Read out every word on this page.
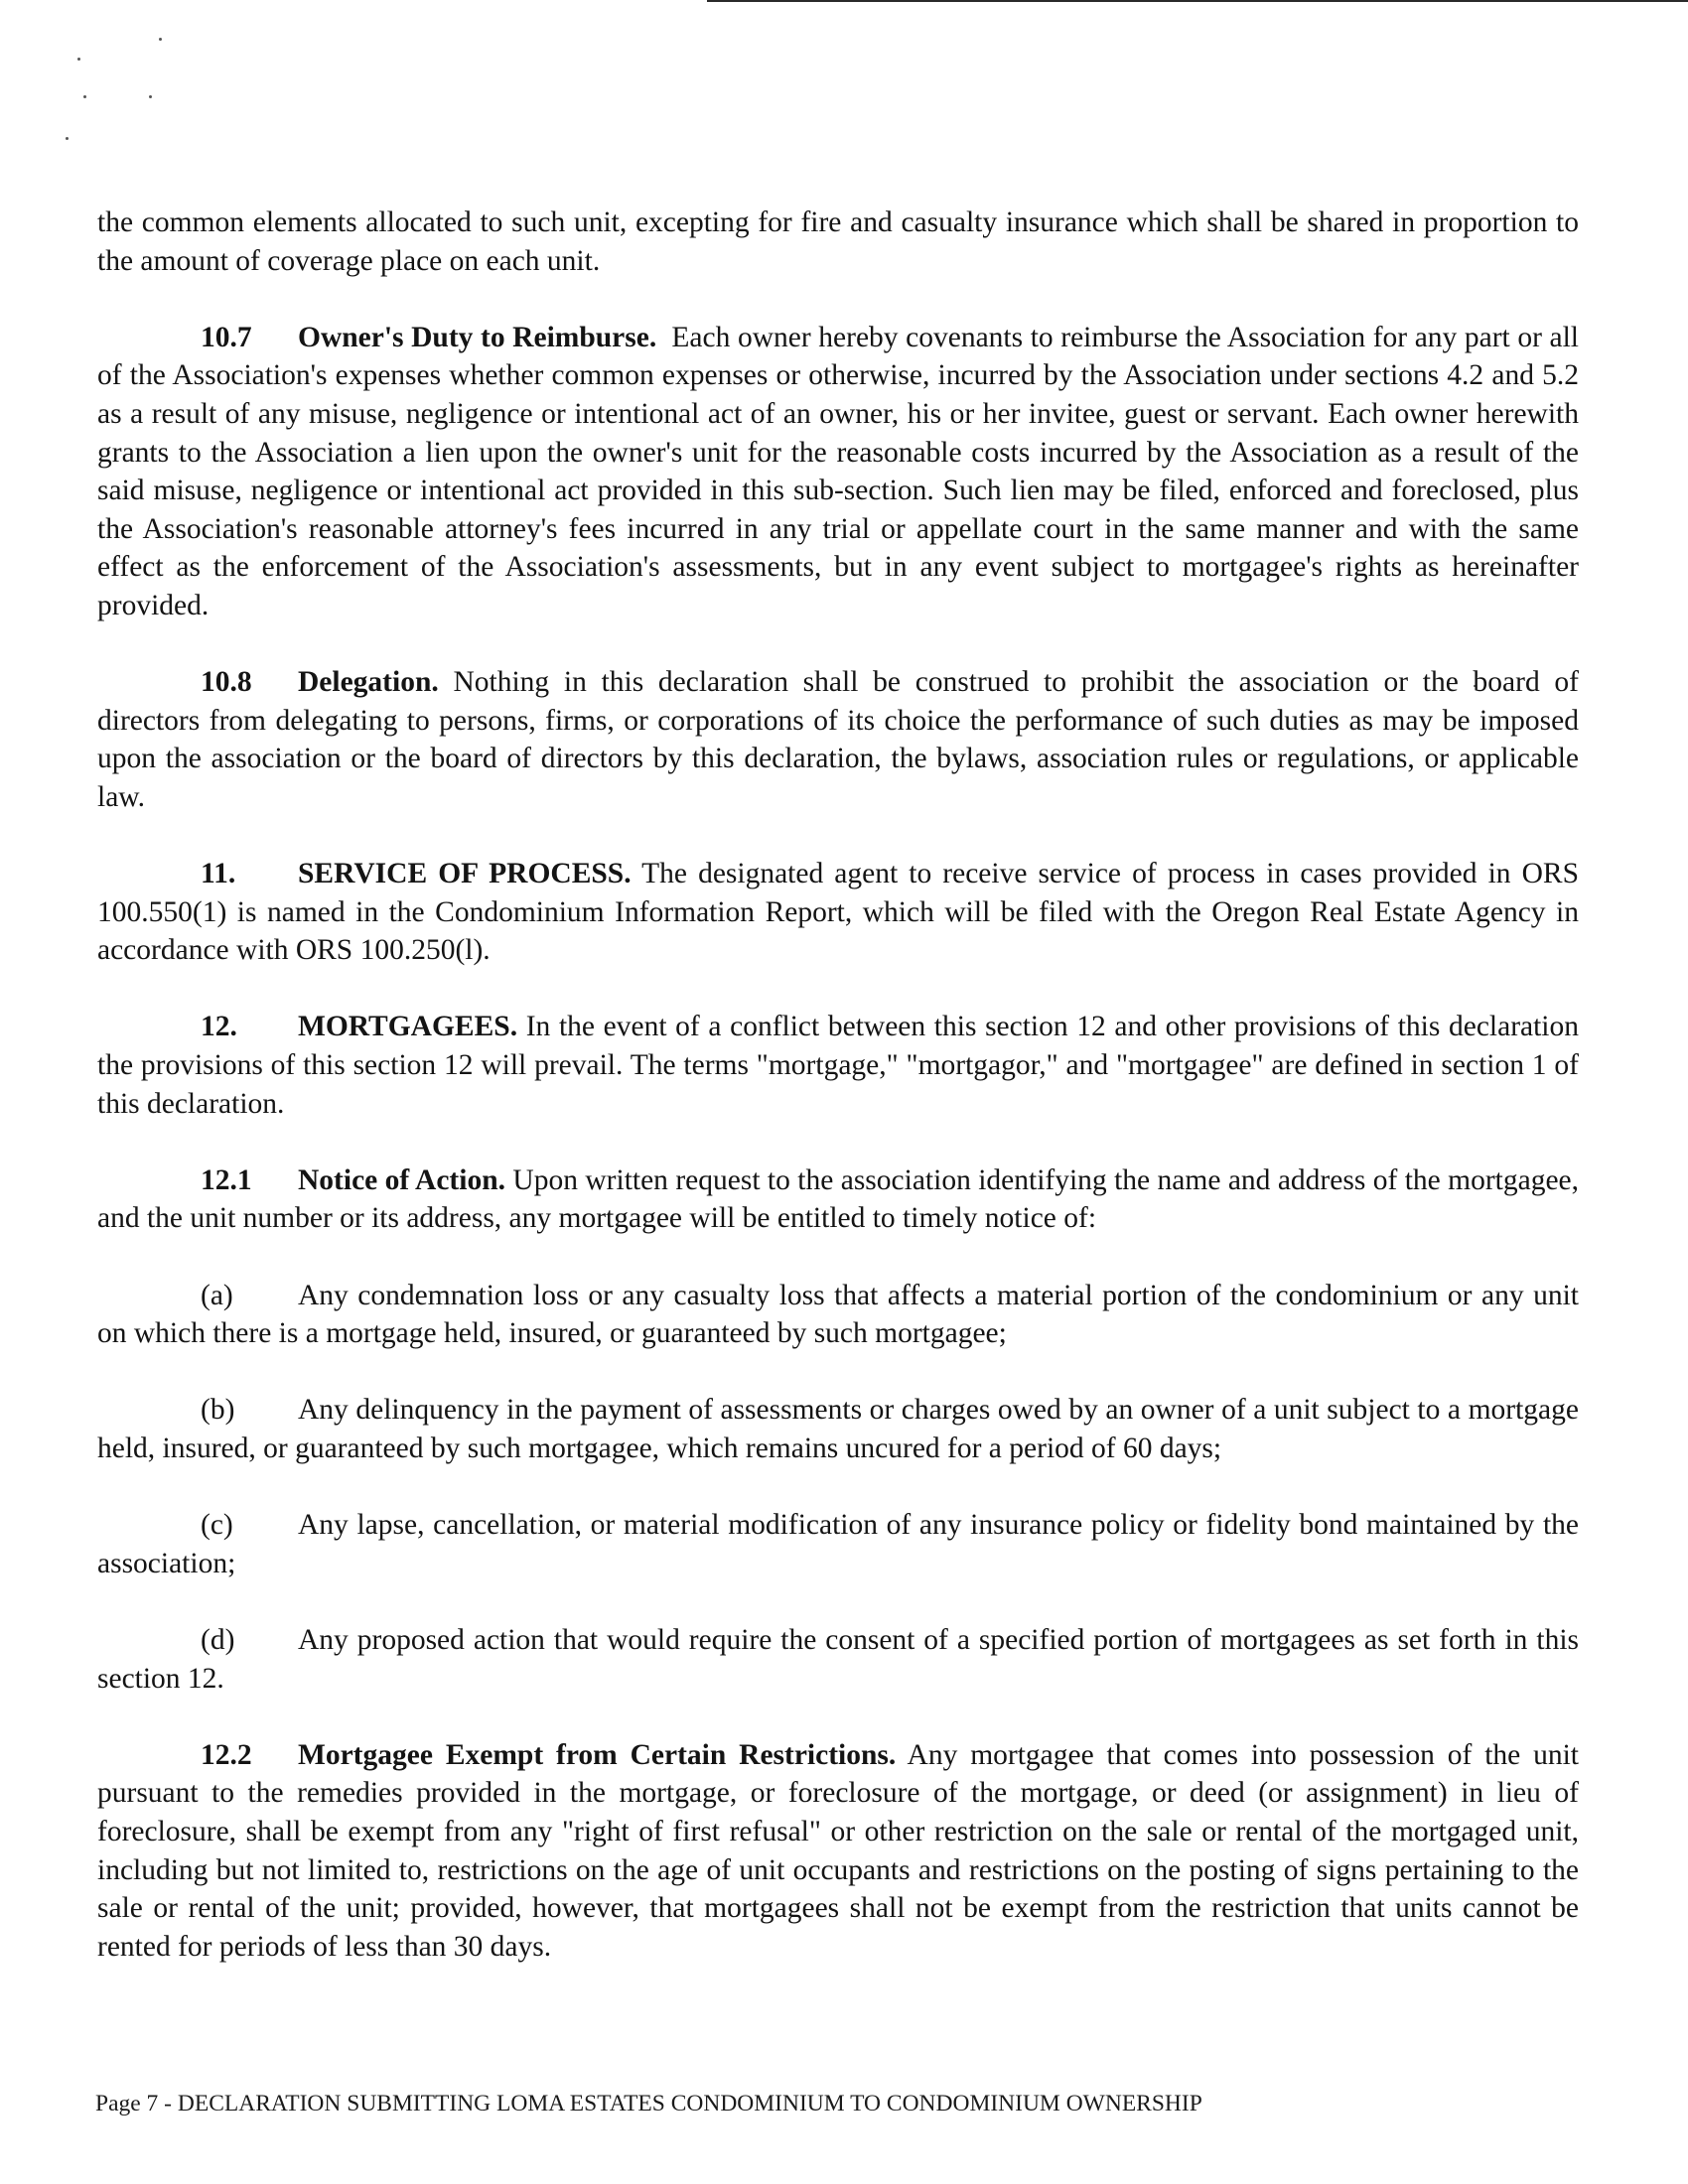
the common elements allocated to such unit, excepting for fire and casualty insurance which shall be shared in proportion to the amount of coverage place on each unit.

10.7 Owner's Duty to Reimburse. Each owner hereby covenants to reimburse the Association for any part or all of the Association's expenses whether common expenses or otherwise, incurred by the Association under sections 4.2 and 5.2 as a result of any misuse, negligence or intentional act of an owner, his or her invitee, guest or servant. Each owner herewith grants to the Association a lien upon the owner's unit for the reasonable costs incurred by the Association as a result of the said misuse, negligence or intentional act provided in this sub-section. Such lien may be filed, enforced and foreclosed, plus the Association's reasonable attorney's fees incurred in any trial or appellate court in the same manner and with the same effect as the enforcement of the Association's assessments, but in any event subject to mortgagee's rights as hereinafter provided.

10.8 Delegation. Nothing in this declaration shall be construed to prohibit the association or the board of directors from delegating to persons, firms, or corporations of its choice the performance of such duties as may be imposed upon the association or the board of directors by this declaration, the bylaws, association rules or regulations, or applicable law.

11. SERVICE OF PROCESS. The designated agent to receive service of process in cases provided in ORS 100.550(1) is named in the Condominium Information Report, which will be filed with the Oregon Real Estate Agency in accordance with ORS 100.250(l).

12. MORTGAGEES. In the event of a conflict between this section 12 and other provisions of this declaration the provisions of this section 12 will prevail. The terms "mortgage," "mortgagor," and "mortgagee" are defined in section 1 of this declaration.

12.1 Notice of Action. Upon written request to the association identifying the name and address of the mortgagee, and the unit number or its address, any mortgagee will be entitled to timely notice of:

(a) Any condemnation loss or any casualty loss that affects a material portion of the condominium or any unit on which there is a mortgage held, insured, or guaranteed by such mortgagee;

(b) Any delinquency in the payment of assessments or charges owed by an owner of a unit subject to a mortgage held, insured, or guaranteed by such mortgagee, which remains uncured for a period of 60 days;

(c) Any lapse, cancellation, or material modification of any insurance policy or fidelity bond maintained by the association;

(d) Any proposed action that would require the consent of a specified portion of mortgagees as set forth in this section 12.

12.2 Mortgagee Exempt from Certain Restrictions. Any mortgagee that comes into possession of the unit pursuant to the remedies provided in the mortgage, or foreclosure of the mortgage, or deed (or assignment) in lieu of foreclosure, shall be exempt from any "right of first refusal" or other restriction on the sale or rental of the mortgaged unit, including but not limited to, restrictions on the age of unit occupants and restrictions on the posting of signs pertaining to the sale or rental of the unit; provided, however, that mortgagees shall not be exempt from the restriction that units cannot be rented for periods of less than 30 days.

Page 7 - DECLARATION SUBMITTING LOMA ESTATES CONDOMINIUM TO CONDOMINIUM OWNERSHIP
